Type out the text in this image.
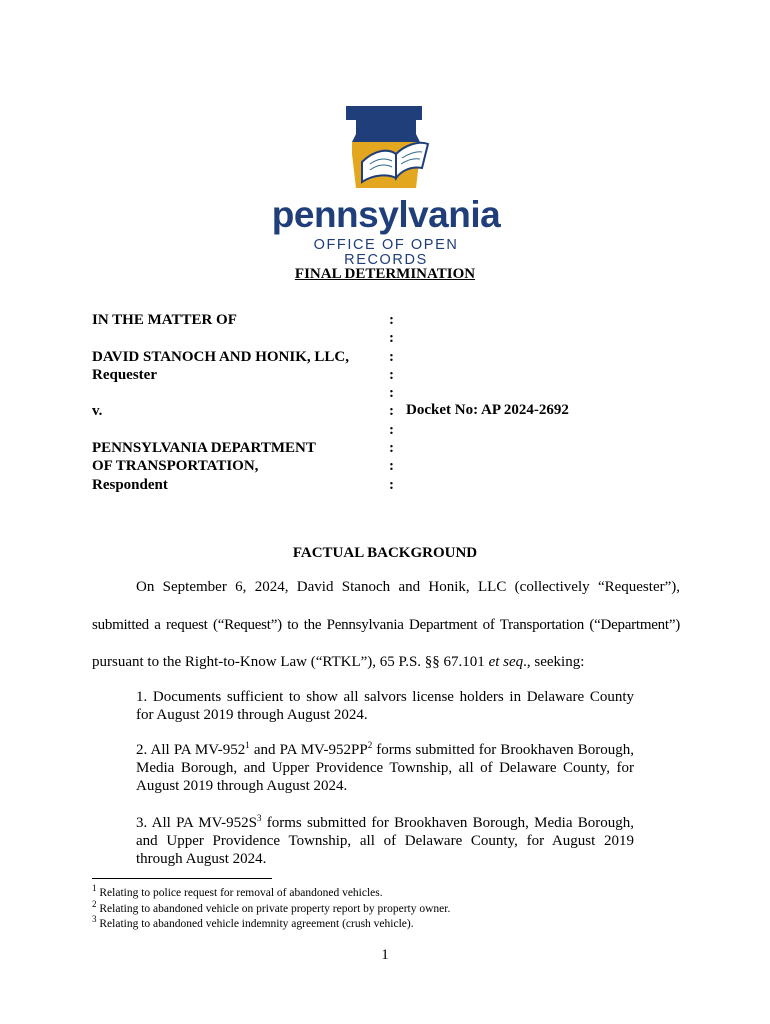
pennsylvania
OFFICE OF OPEN RECORDS
FINAL DETERMINATION
IN THE MATTER OF
DAVID STANOCH AND HONIK, LLC,
Requester
v.
PENNSYLVANIA DEPARTMENT
OF TRANSPORTATION,
Respondent
:
:
:
:
:
:
:
:
:
:
Docket No: AP 2024-2692
FACTUAL BACKGROUND
On September 6, 2024, David Stanoch and Honik, LLC (collectively “Requester”),
submitted a request (“Request”) to the Pennsylvania Department of Transportation (“Department”)
pursuant to the Right-to-Know Law (“RTKL”), 65 P.S. §§ 67.101 et seq., seeking:
1. Documents sufficient to show all salvors license holders in Delaware County for August 2019 through August 2024.
2. All PA $MV-952^1$ and PA $MV-952PP^2$ forms submitted for Brookhaven Borough, Media Borough, and Upper Providence Township, all of Delaware County, for August 2019 through August 2024.
3. All PA $MV-952S^3$ forms submitted for Brookhaven Borough, Media Borough, and Upper Providence Township, all of Delaware County, for August 2019 through August 2024.
$^1$ Relating to police request for removal of abandoned vehicles.
$^2$ Relating to abandoned vehicle on private property report by property owner.
$^3$ Relating to abandoned vehicle indemnity agreement (crush vehicle).
1
